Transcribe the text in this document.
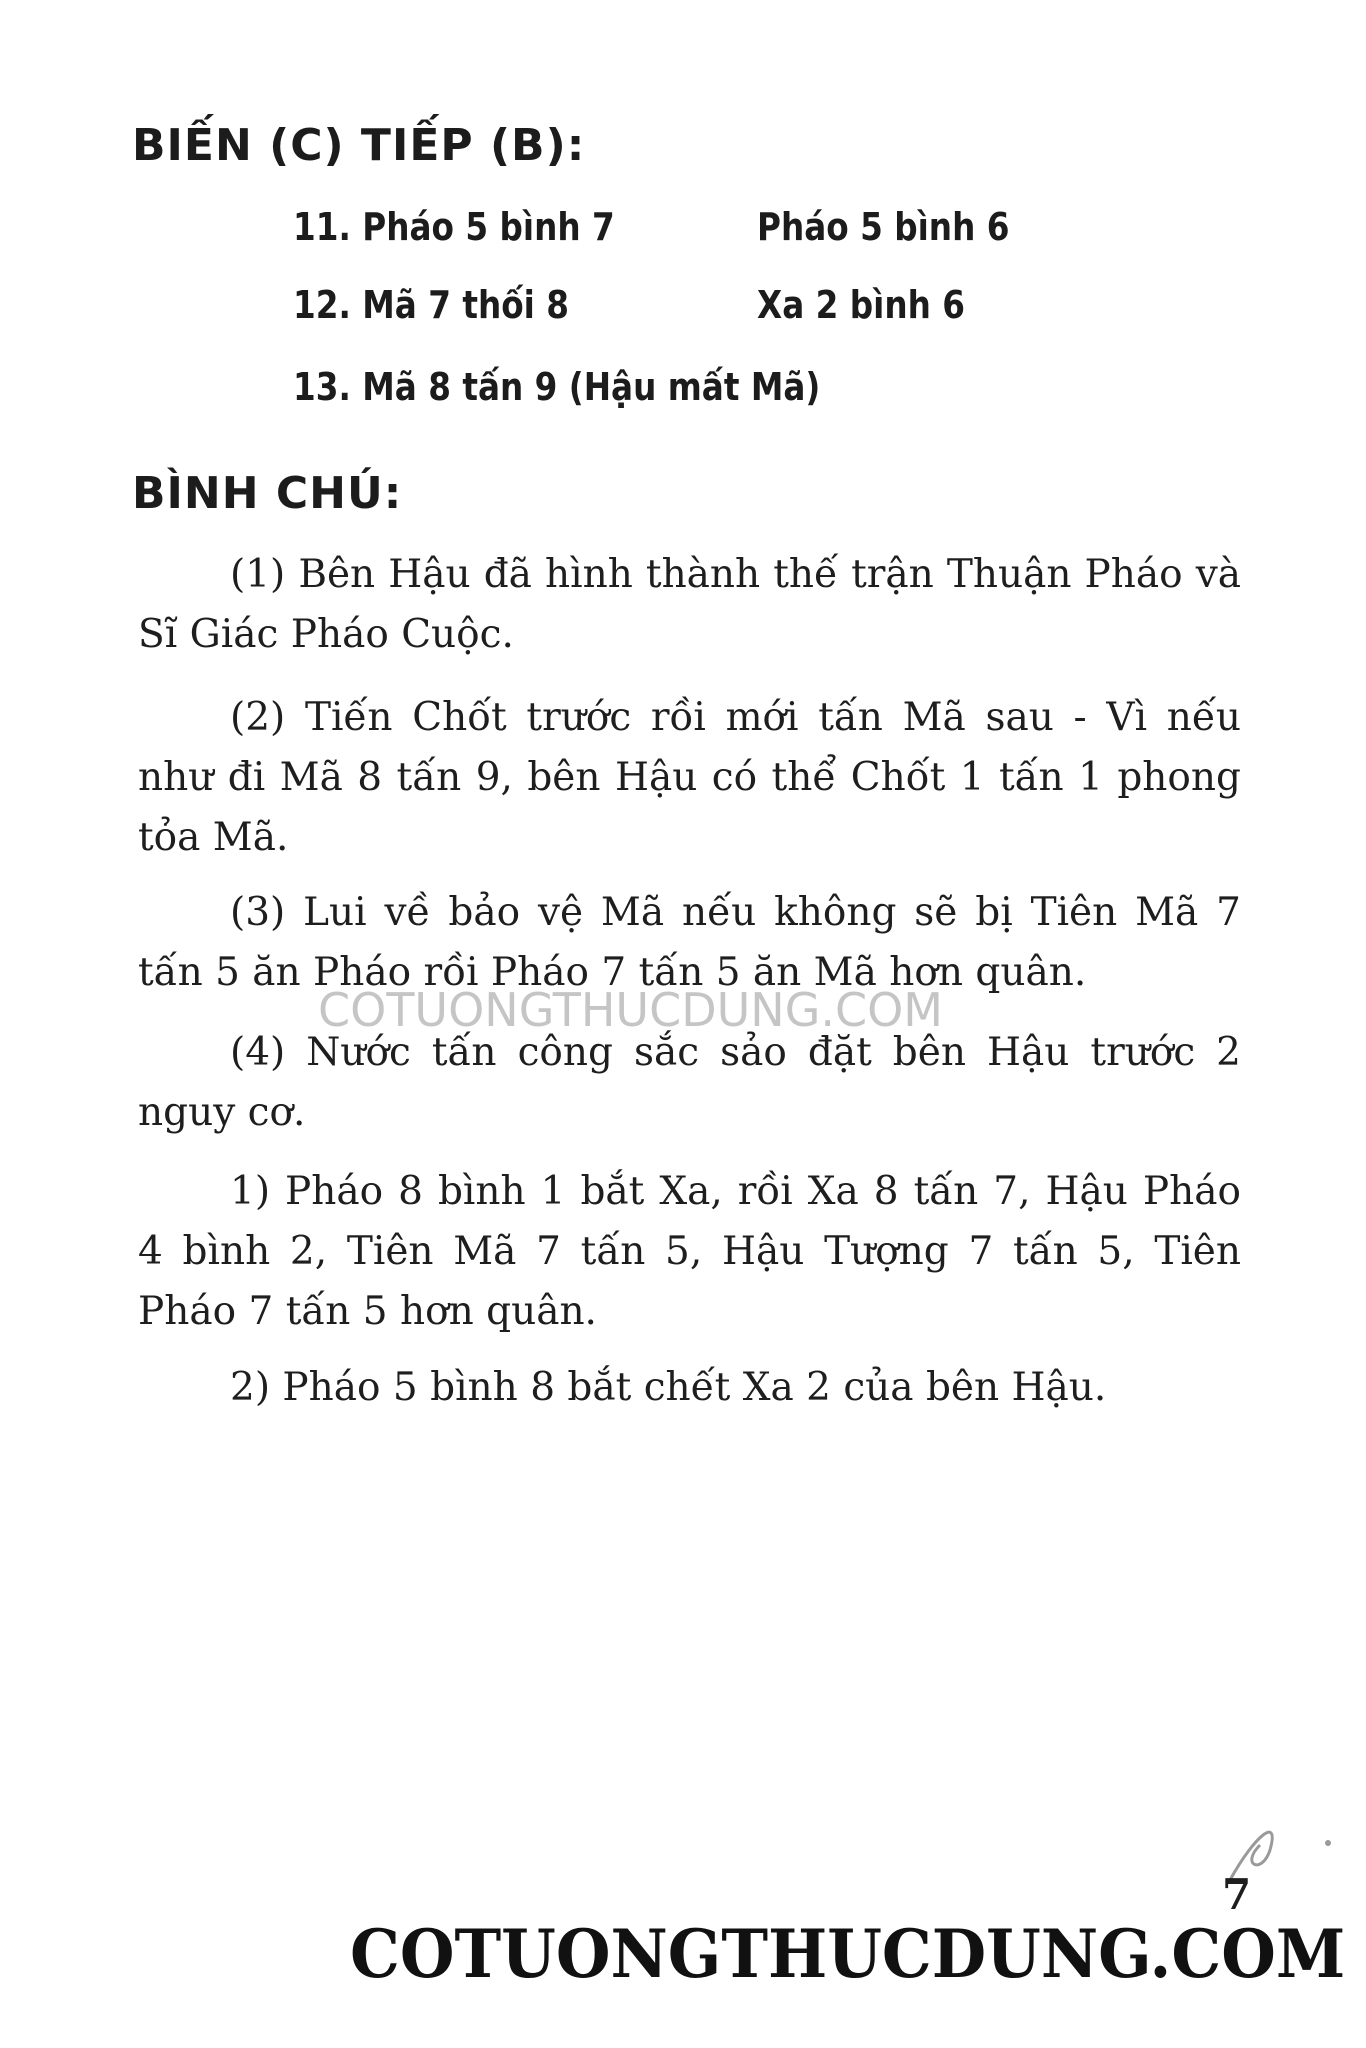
BIẾN (C) TIẾP (B):
11. Pháo 5 bình 7	Pháo 5 bình 6
12. Mã 7 thối 8	Xa 2 bình 6
13. Mã 8 tấn 9 (Hậu mất Mã)
BÌNH CHÚ:

(1) Bên Hậu đã hình thành thế trận Thuận Pháo và Sĩ Giác Pháo Cuộc.

(2) Tiến Chốt trước rồi mới tấn Mã sau - Vì nếu như đi Mã 8 tấn 9, bên Hậu có thể Chốt 1 tấn 1 phong tỏa Mã.

(3) Lui về bảo vệ Mã nếu không sẽ bị Tiên Mã 7 tấn 5 ăn Pháo rồi Pháo 7 tấn 5 ăn Mã hơn quân.

(4) Nước tấn công sắc sảo đặt bên Hậu trước 2 nguy cơ.

1) Pháo 8 bình 1 bắt Xa, rồi Xa 8 tấn 7, Hậu Pháo 4 bình 2, Tiên Mã 7 tấn 5, Hậu Tượng 7 tấn 5, Tiên Pháo 7 tấn 5 hơn quân.

2) Pháo 5 bình 8 bắt chết Xa 2 của bên Hậu.

COTUONGTHUCDUNG.COM
7
COTUONGTHUCDUNG.COM
